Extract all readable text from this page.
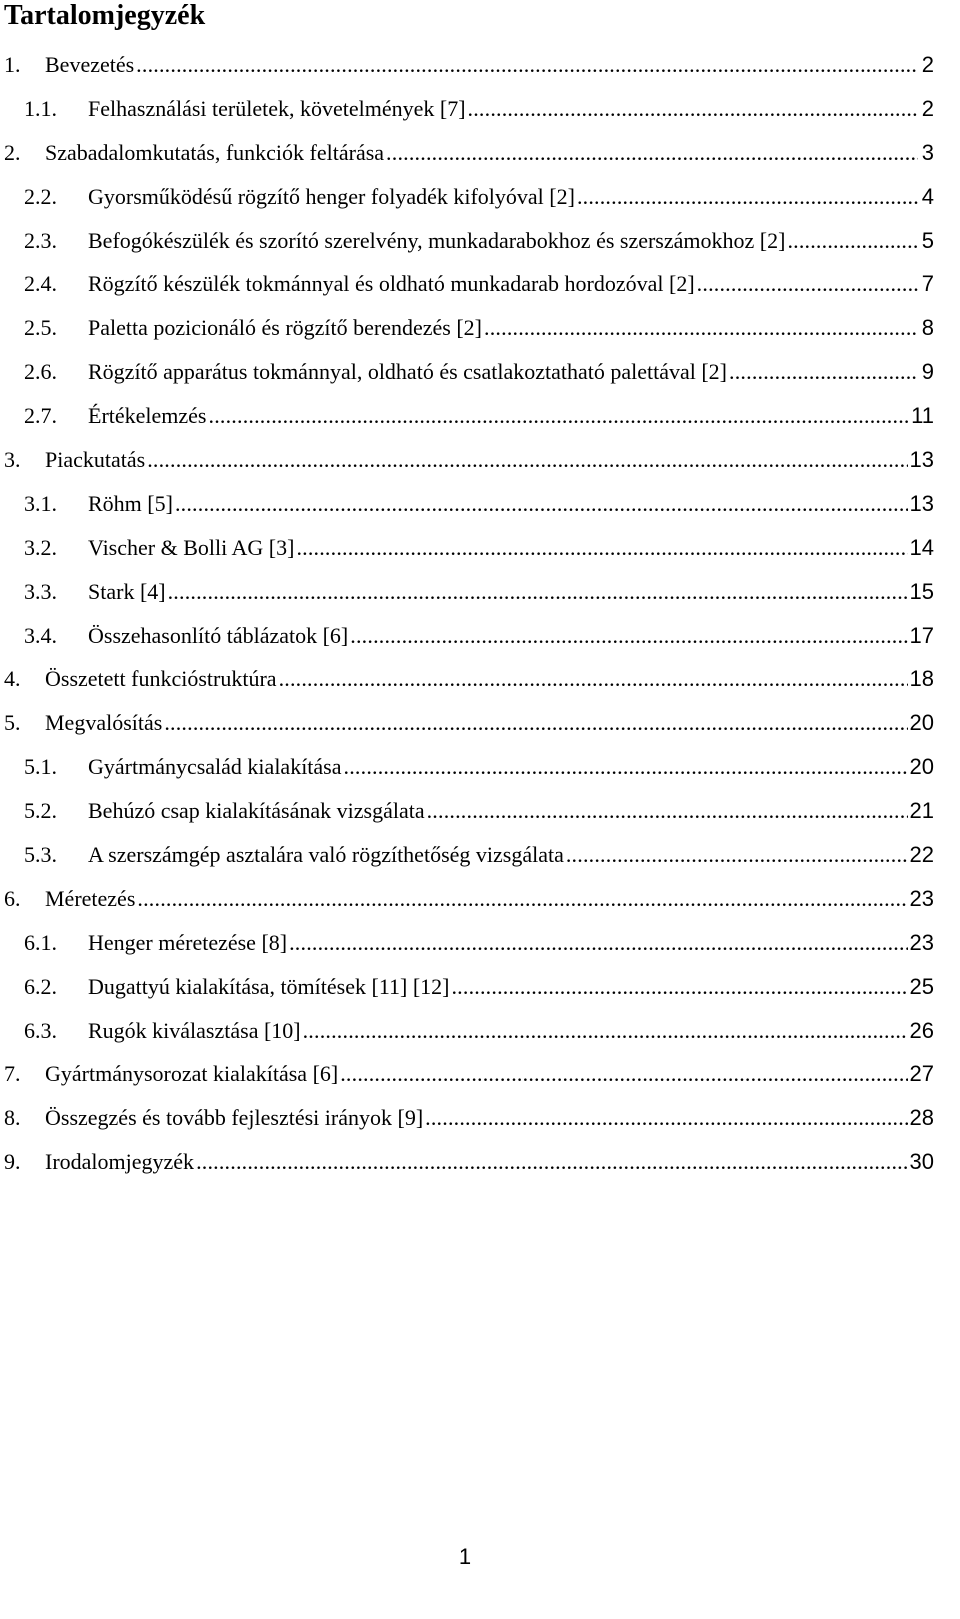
Tartalomjegyzék
1.	Bevezetés .....	2
1.1.	Felhasználási területek, követelmények [7] .....	2
2.	Szabadalomkutatás, funkciók feltárása .....	3
2.2.	Gyorsműködésű rögzítő henger folyadék kifolyóval [2] .....	4
2.3.	Befogókészülék és szorító szerelvény, munkadarabokhoz és szerszámokhoz [2] .....	5
2.4.	Rögzítő készülék tokmánnyal és oldható munkadarab hordozóval [2] .....	7
2.5.	Paletta pozicionáló és rögzítő berendezés [2] .....	8
2.6.	Rögzítő apparátus tokmánnyal, oldható és csatlakoztatható palettával [2] .....	9
2.7.	Értékelemzés .....	11
3.	Piackutatás .....	13
3.1.	Röhm [5] .....	13
3.2.	Vischer & Bolli AG [3] .....	14
3.3.	Stark [4] .....	15
3.4.	Összehasonlító táblázatok [6] .....	17
4.	Összetett funkcióstruktúra .....	18
5.	Megvalósítás .....	20
5.1.	Gyártmánycsalád kialakítása .....	20
5.2.	Behúzó csap kialakításának vizsgálata .....	21
5.3.	A szerszámgép asztalára való rögzíthetőség vizsgálata .....	22
6.	Méretezés .....	23
6.1.	Henger méretezése [8] .....	23
6.2.	Dugattyú kialakítása, tömítések [11] [12] .....	25
6.3.	Rugók kiválasztása [10] .....	26
7.	Gyártmánysorozat kialakítása [6] .....	27
8.	Összegzés és tovább fejlesztési irányok [9] .....	28
9.	Irodalomjegyzék .....	30
1
